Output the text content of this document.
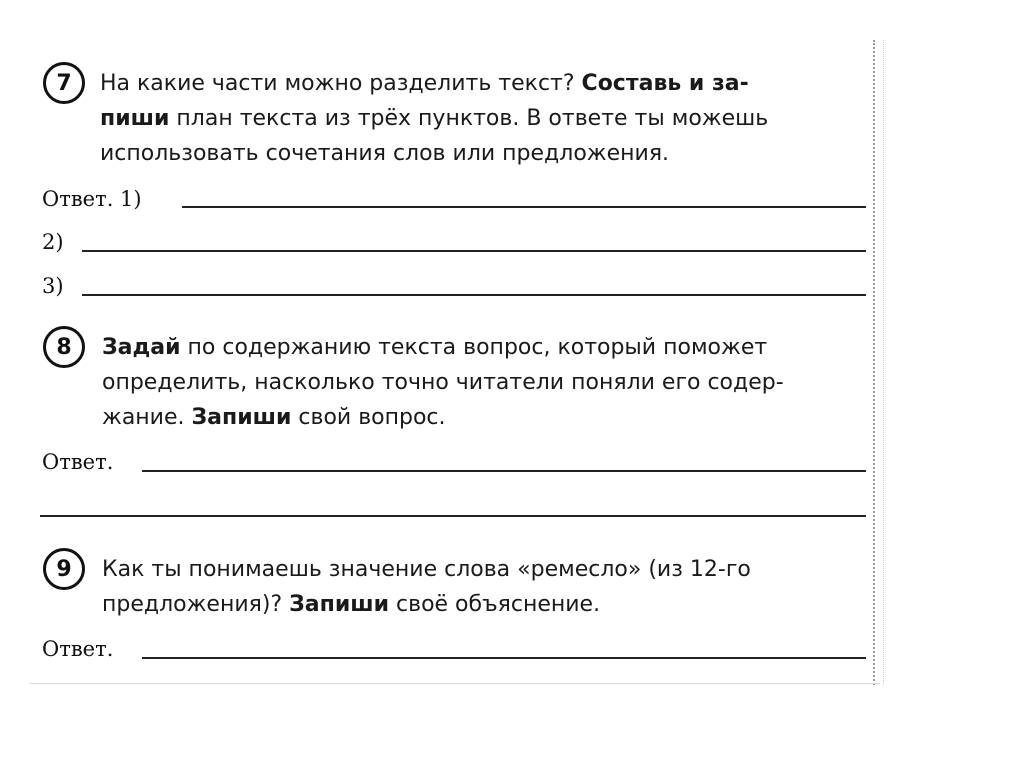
7	На какие части можно разделить текст? Составь и за-
пиши план текста из трёх пунктов. В ответе ты можешь
использовать сочетания слов или предложения.
Ответ. 1)
2)
3)
8	Задай по содержанию текста вопрос, который поможет
определить, насколько точно читатели поняли его содер-
жание. Запиши свой вопрос.
Ответ.
9	Как ты понимаешь значение слова «ремесло» (из 12-го
предложения)? Запиши своё объяснение.
Ответ.
